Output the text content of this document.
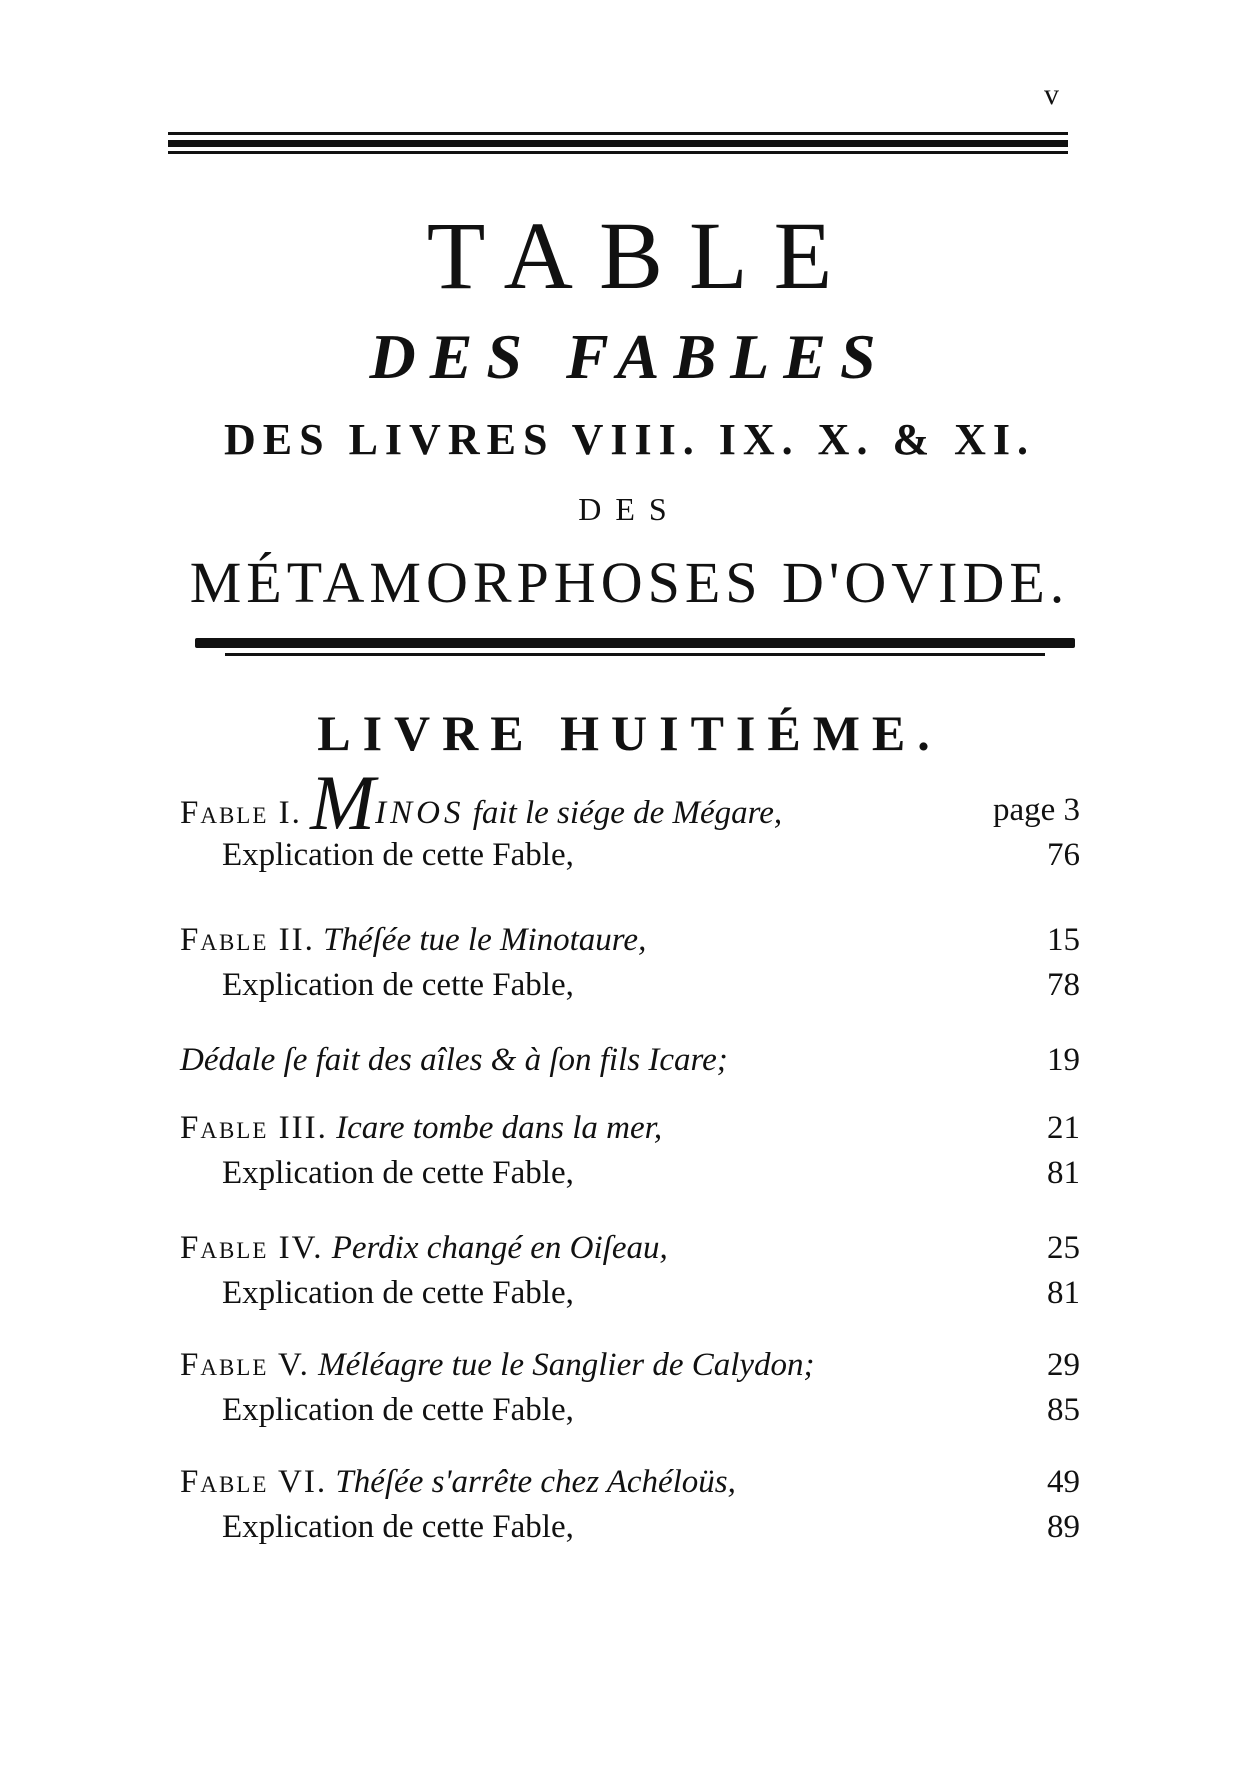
v
TABLE
DES FABLES
DES LIVRES VIII. IX. X. & XI.
DES
MÉTAMORPHOSES D'OVIDE.
LIVRE HUITIÉME.
Fable I. MINOS fait le siége de Mégare,	page 3
Explication de cette Fable,	76
Fable II. Théſée tue le Minotaure,	15
Explication de cette Fable,	78
Dédale ſe fait des aîles & à ſon fils Icare;	19
Fable III. Icare tombe dans la mer,	21
Explication de cette Fable,	81
Fable IV. Perdix changé en Oiſeau,	25
Explication de cette Fable,	81
Fable V. Méléagre tue le Sanglier de Calydon;	29
Explication de cette Fable,	85
Fable VI. Théſée s'arrête chez Achéloüs,	49
Explication de cette Fable,	89
